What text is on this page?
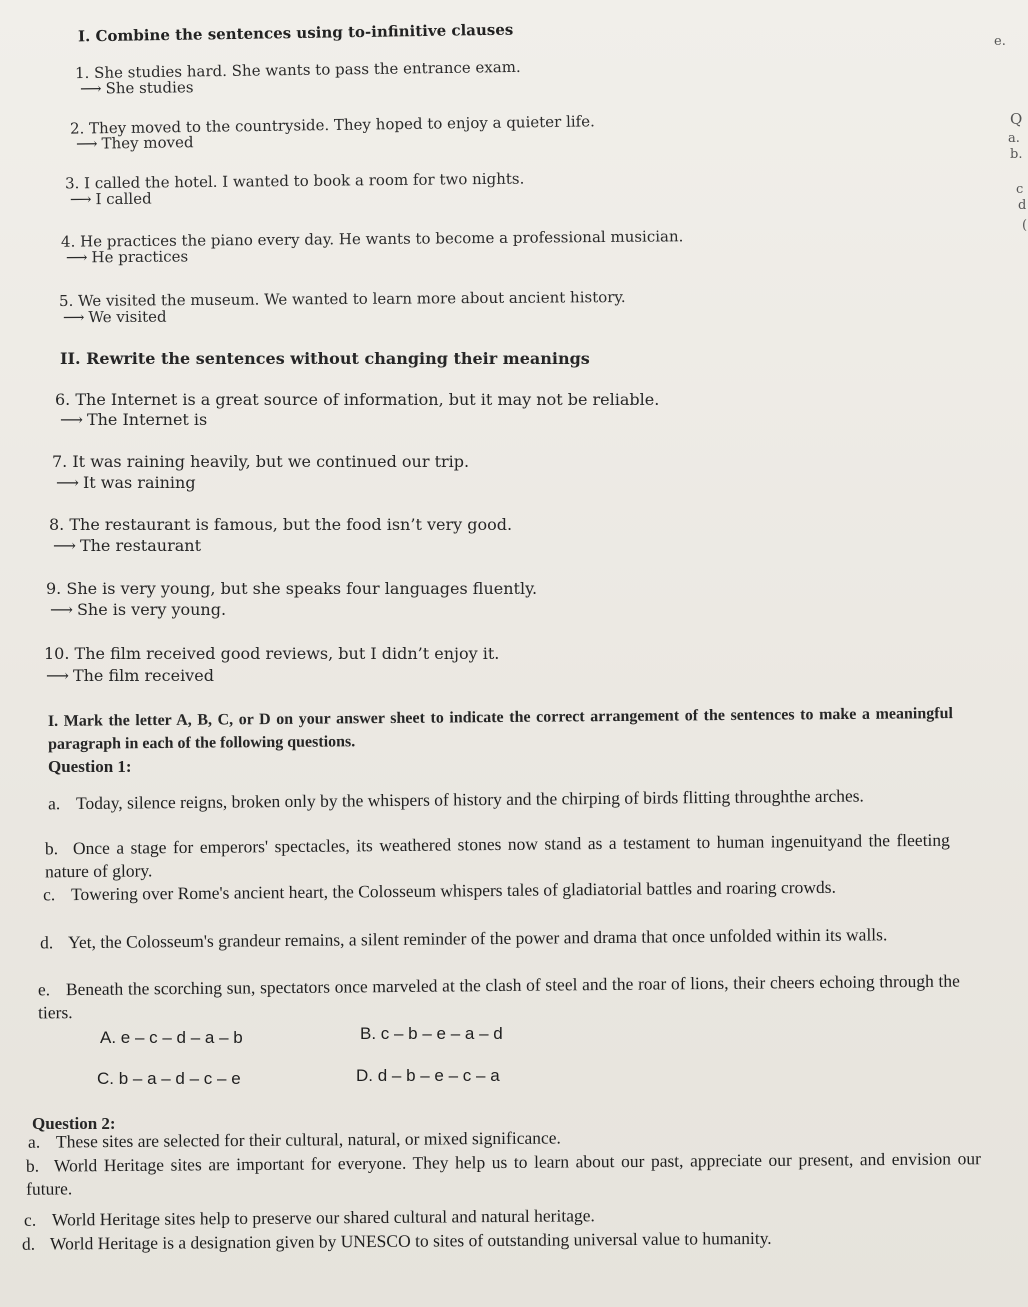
e.
Q
a.
b.
c
d
(
I. Combine the sentences using to-infinitive clauses
1. She studies hard. She wants to pass the entrance exam.
⟶ She studies
2. They moved to the countryside. They hoped to enjoy a quieter life.
⟶ They moved
3. I called the hotel. I wanted to book a room for two nights.
⟶ I called
4. He practices the piano every day. He wants to become a professional musician.
⟶ He practices
5. We visited the museum. We wanted to learn more about ancient history.
⟶ We visited
II. Rewrite the sentences without changing their meanings
6. The Internet is a great source of information, but it may not be reliable.
⟶ The Internet is
7. It was raining heavily, but we continued our trip.
⟶ It was raining
8. The restaurant is famous, but the food isn’t very good.
⟶ The restaurant
9. She is very young, but she speaks four languages fluently.
⟶ She is very young.
10. The film received good reviews, but I didn’t enjoy it.
⟶ The film received
I. Mark the letter A, B, C, or D on your answer sheet to indicate the correct arrangement of the sentences to make a meaningful paragraph in each of the following questions.
Question 1:
a. Today, silence reigns, broken only by the whispers of history and the chirping of birds flitting throughthe arches.
b. Once a stage for emperors' spectacles, its weathered stones now stand as a testament to human ingenuityand the fleeting nature of glory.
c. Towering over Rome's ancient heart, the Colosseum whispers tales of gladiatorial battles and roaring crowds.
d. Yet, the Colosseum's grandeur remains, a silent reminder of the power and drama that once unfolded within its walls.
e. Beneath the scorching sun, spectators once marveled at the clash of steel and the roar of lions, their cheers echoing through the tiers.
A. e – c – d – a – b	B. c – b – e – a – d
C. b – a – d – c – e	D. d – b – e – c – a
Question 2:
a. These sites are selected for their cultural, natural, or mixed significance.
b. World Heritage sites are important for everyone. They help us to learn about our past, appreciate our present, and envision our future.
c. World Heritage sites help to preserve our shared cultural and natural heritage.
d. World Heritage is a designation given by UNESCO to sites of outstanding universal value to humanity.
